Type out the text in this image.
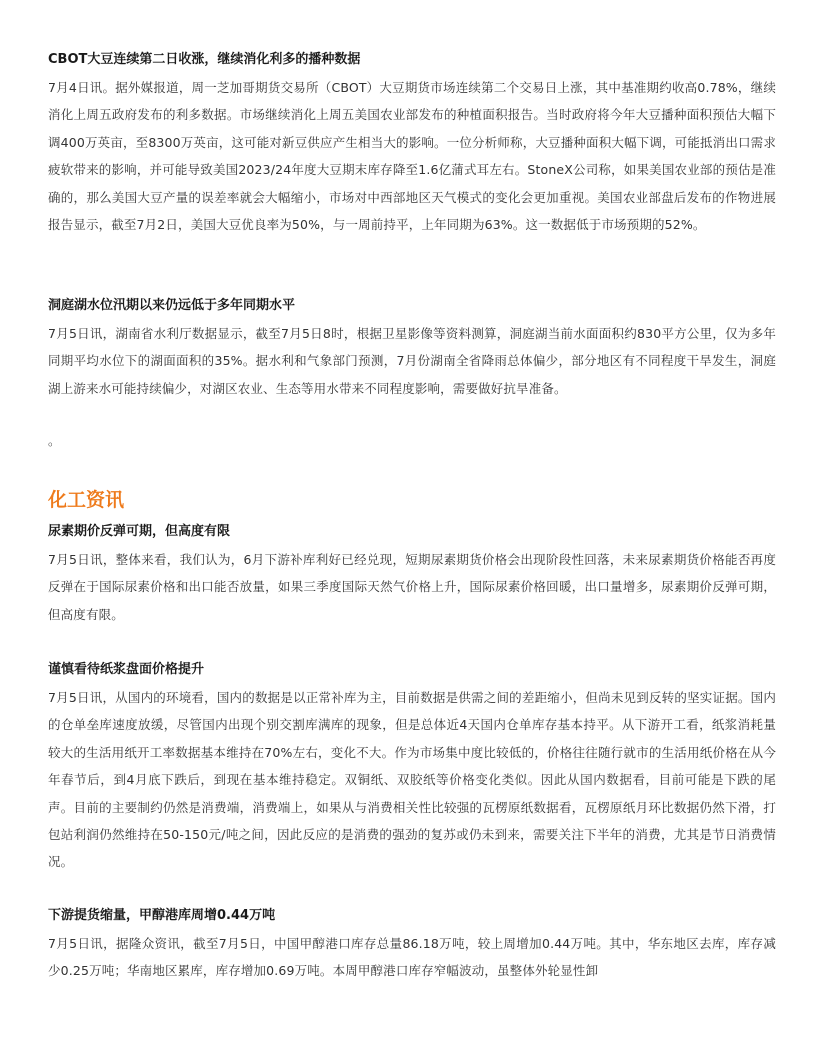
CBOT大豆连续第二日收涨，继续消化利多的播种数据

7月4日讯。据外媒报道，周一芝加哥期货交易所（CBOT）大豆期货市场连续第二个交易日上涨，其中基准期约收高0.78%，继续消化上周五政府发布的利多数据。市场继续消化上周五美国农业部发布的种植面积报告。当时政府将今年大豆播种面积预估大幅下调400万英亩，至8300万英亩，这可能对新豆供应产生相当大的影响。一位分析师称，大豆播种面积大幅下调，可能抵消出口需求疲软带来的影响，并可能导致美国2023/24年度大豆期末库存降至1.6亿蒲式耳左右。StoneX公司称，如果美国农业部的预估是准确的，那么美国大豆产量的误差率就会大幅缩小，市场对中西部地区天气模式的变化会更加重视。美国农业部盘后发布的作物进展报告显示，截至7月2日，美国大豆优良率为50%，与一周前持平，上年同期为63%。这一数据低于市场预期的52%。

洞庭湖水位汛期以来仍远低于多年同期水平

7月5日讯，湖南省水利厅数据显示，截至7月5日8时，根据卫星影像等资料测算，洞庭湖当前水面面积约830平方公里，仅为多年同期平均水位下的湖面面积的35%。据水利和气象部门预测，7月份湖南全省降雨总体偏少，部分地区有不同程度干旱发生，洞庭湖上游来水可能持续偏少，对湖区农业、生态等用水带来不同程度影响，需要做好抗旱准备。

。
化工资讯
尿素期价反弹可期，但高度有限

7月5日讯，整体来看，我们认为，6月下游补库利好已经兑现，短期尿素期货价格会出现阶段性回落，未来尿素期货价格能否再度反弹在于国际尿素价格和出口能否放量，如果三季度国际天然气价格上升，国际尿素价格回暖，出口量增多，尿素期价反弹可期，但高度有限。

谨慎看待纸浆盘面价格提升

7月5日讯，从国内的环境看，国内的数据是以正常补库为主，目前数据是供需之间的差距缩小，但尚未见到反转的坚实证据。国内的仓单垒库速度放缓，尽管国内出现个别交割库满库的现象，但是总体近4天国内仓单库存基本持平。从下游开工看，纸浆消耗量较大的生活用纸开工率数据基本维持在70%左右，变化不大。作为市场集中度比较低的，价格往往随行就市的生活用纸价格在从今年春节后，到4月底下跌后，到现在基本维持稳定。双铜纸、双胶纸等价格变化类似。因此从国内数据看，目前可能是下跌的尾声。目前的主要制约仍然是消费端，消费端上，如果从与消费相关性比较强的瓦楞原纸数据看，瓦楞原纸月环比数据仍然下滑，打包站利润仍然维持在50-150元/吨之间，因此反应的是消费的强劲的复苏或仍未到来，需要关注下半年的消费，尤其是节日消费情况。

下游提货缩量，甲醇港库周增0.44万吨

7月5日讯，据隆众资讯，截至7月5日，中国甲醇港口库存总量86.18万吨，较上周增加0.44万吨。其中，华东地区去库，库存减少0.25万吨；华南地区累库，库存增加0.69万吨。本周甲醇港口库存窄幅波动，虽整体外轮显性卸
